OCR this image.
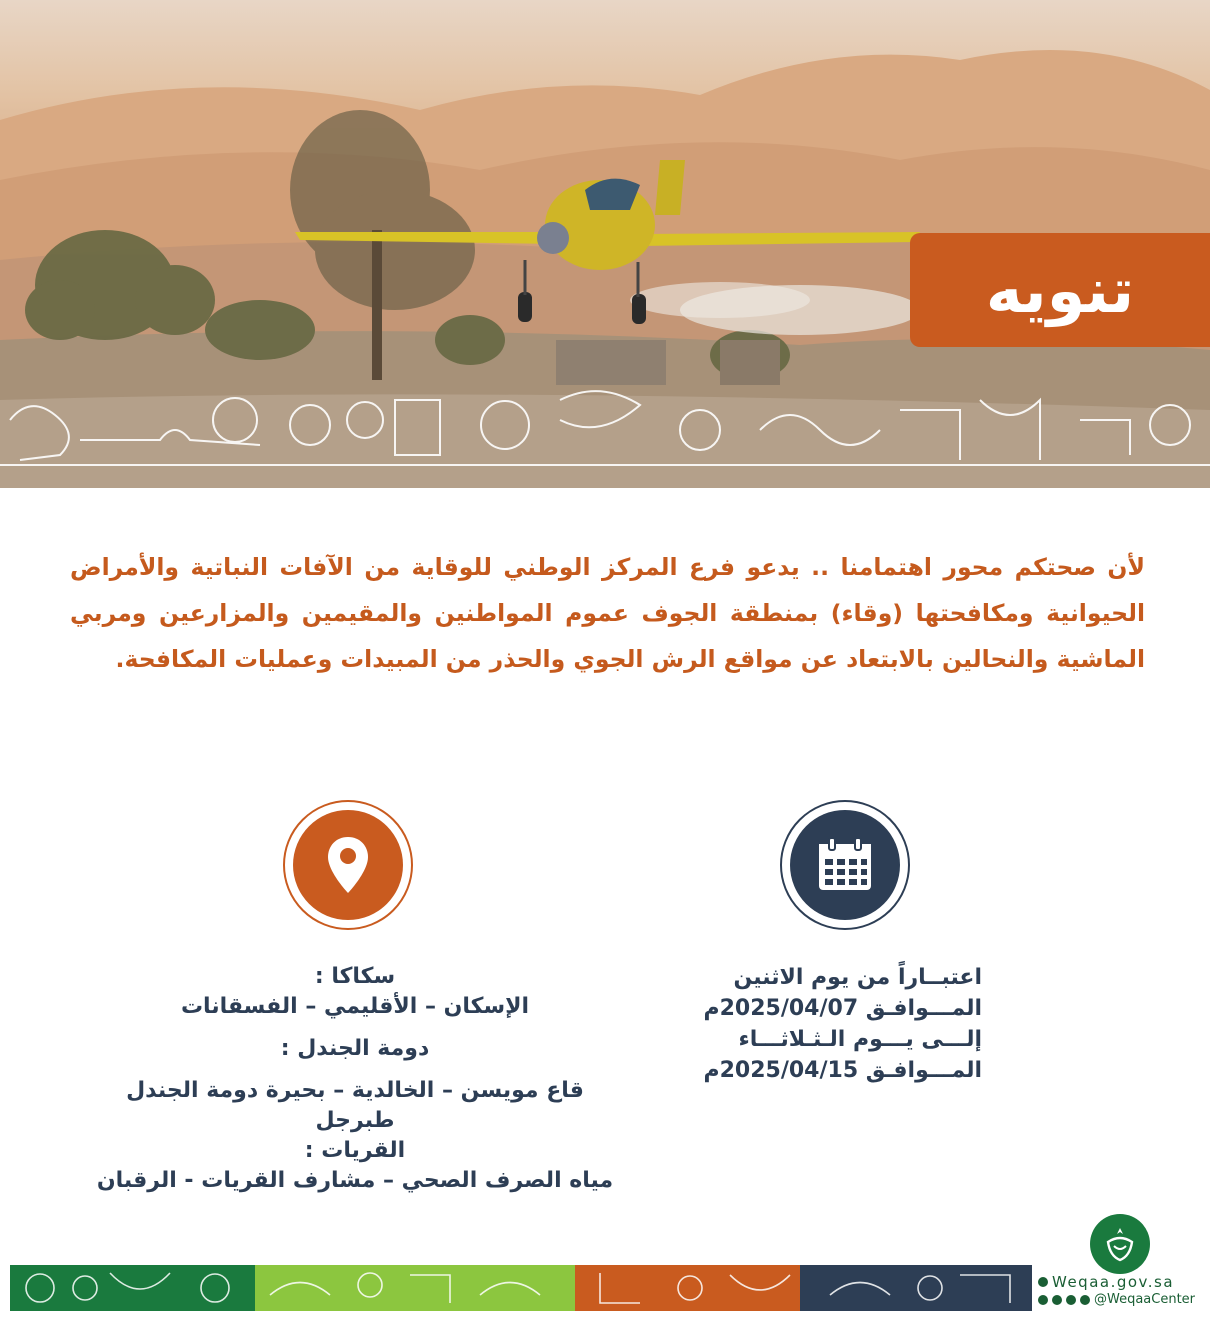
تنويه

لأن صحتكم محور اهتمامنا .. يدعو فرع المركز الوطني للوقاية من الآفات النباتية والأمراض الحيوانية ومكافحتها (وقاء) بمنطقة الجوف عموم المواطنين والمقيمين والمزارعين ومربي الماشية والنحالين بالابتعاد عن مواقع الرش الجوي والحذر من المبيدات وعمليات المكافحة.

اعتبــاراً من يوم الاثنين
المـــوافـق 2025/04/07م
إلـــى يـــوم الـثـلاثـــاء
المـــوافـق 2025/04/15م
سكاكا :
الإسكان – الأقليمي – الفسقانات
دومة الجندل :
قاع مويسن – الخالدية – بحيرة دومة الجندل
طبرجل
القريات :
مياه الصرف الصحي – مشارف القريات - الرقبان
Weqaa.gov.sa
@WeqaaCenter
